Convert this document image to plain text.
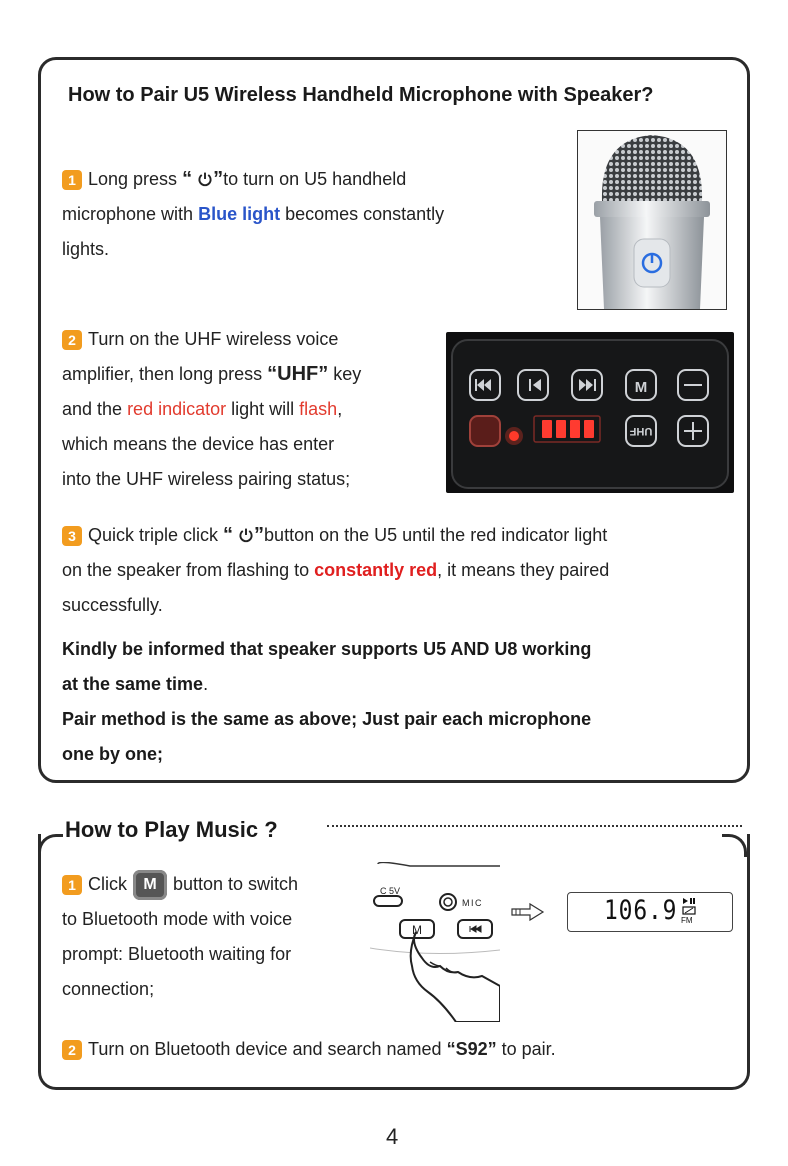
How to Pair U5 Wireless Handheld Microphone with Speaker?
1 Long press “ ”to turn on U5 handheld
microphone with Blue light becomes constantly
lights.
2 Turn on the UHF wireless voice
amplifier, then long press “UHF” key
and the red indicator light will flash,
which means the device has enter
into the UHF wireless pairing status;
M
UHF
3 Quick triple click “ ”button on the U5 until the red indicator light
on the speaker from flashing to constantly red, it means they paired
successfully.
Kindly be informed that speaker supports U5 AND U8 working
at the same time.
Pair method is the same as above; Just pair each microphone
one by one;
How to Play Music ?
1 Click M button to switch
to Bluetooth mode with voice
prompt: Bluetooth waiting for
connection;
C 5V
MIC
M
106.9 FM
2 Turn on Bluetooth device and search named “S92” to pair.
4
